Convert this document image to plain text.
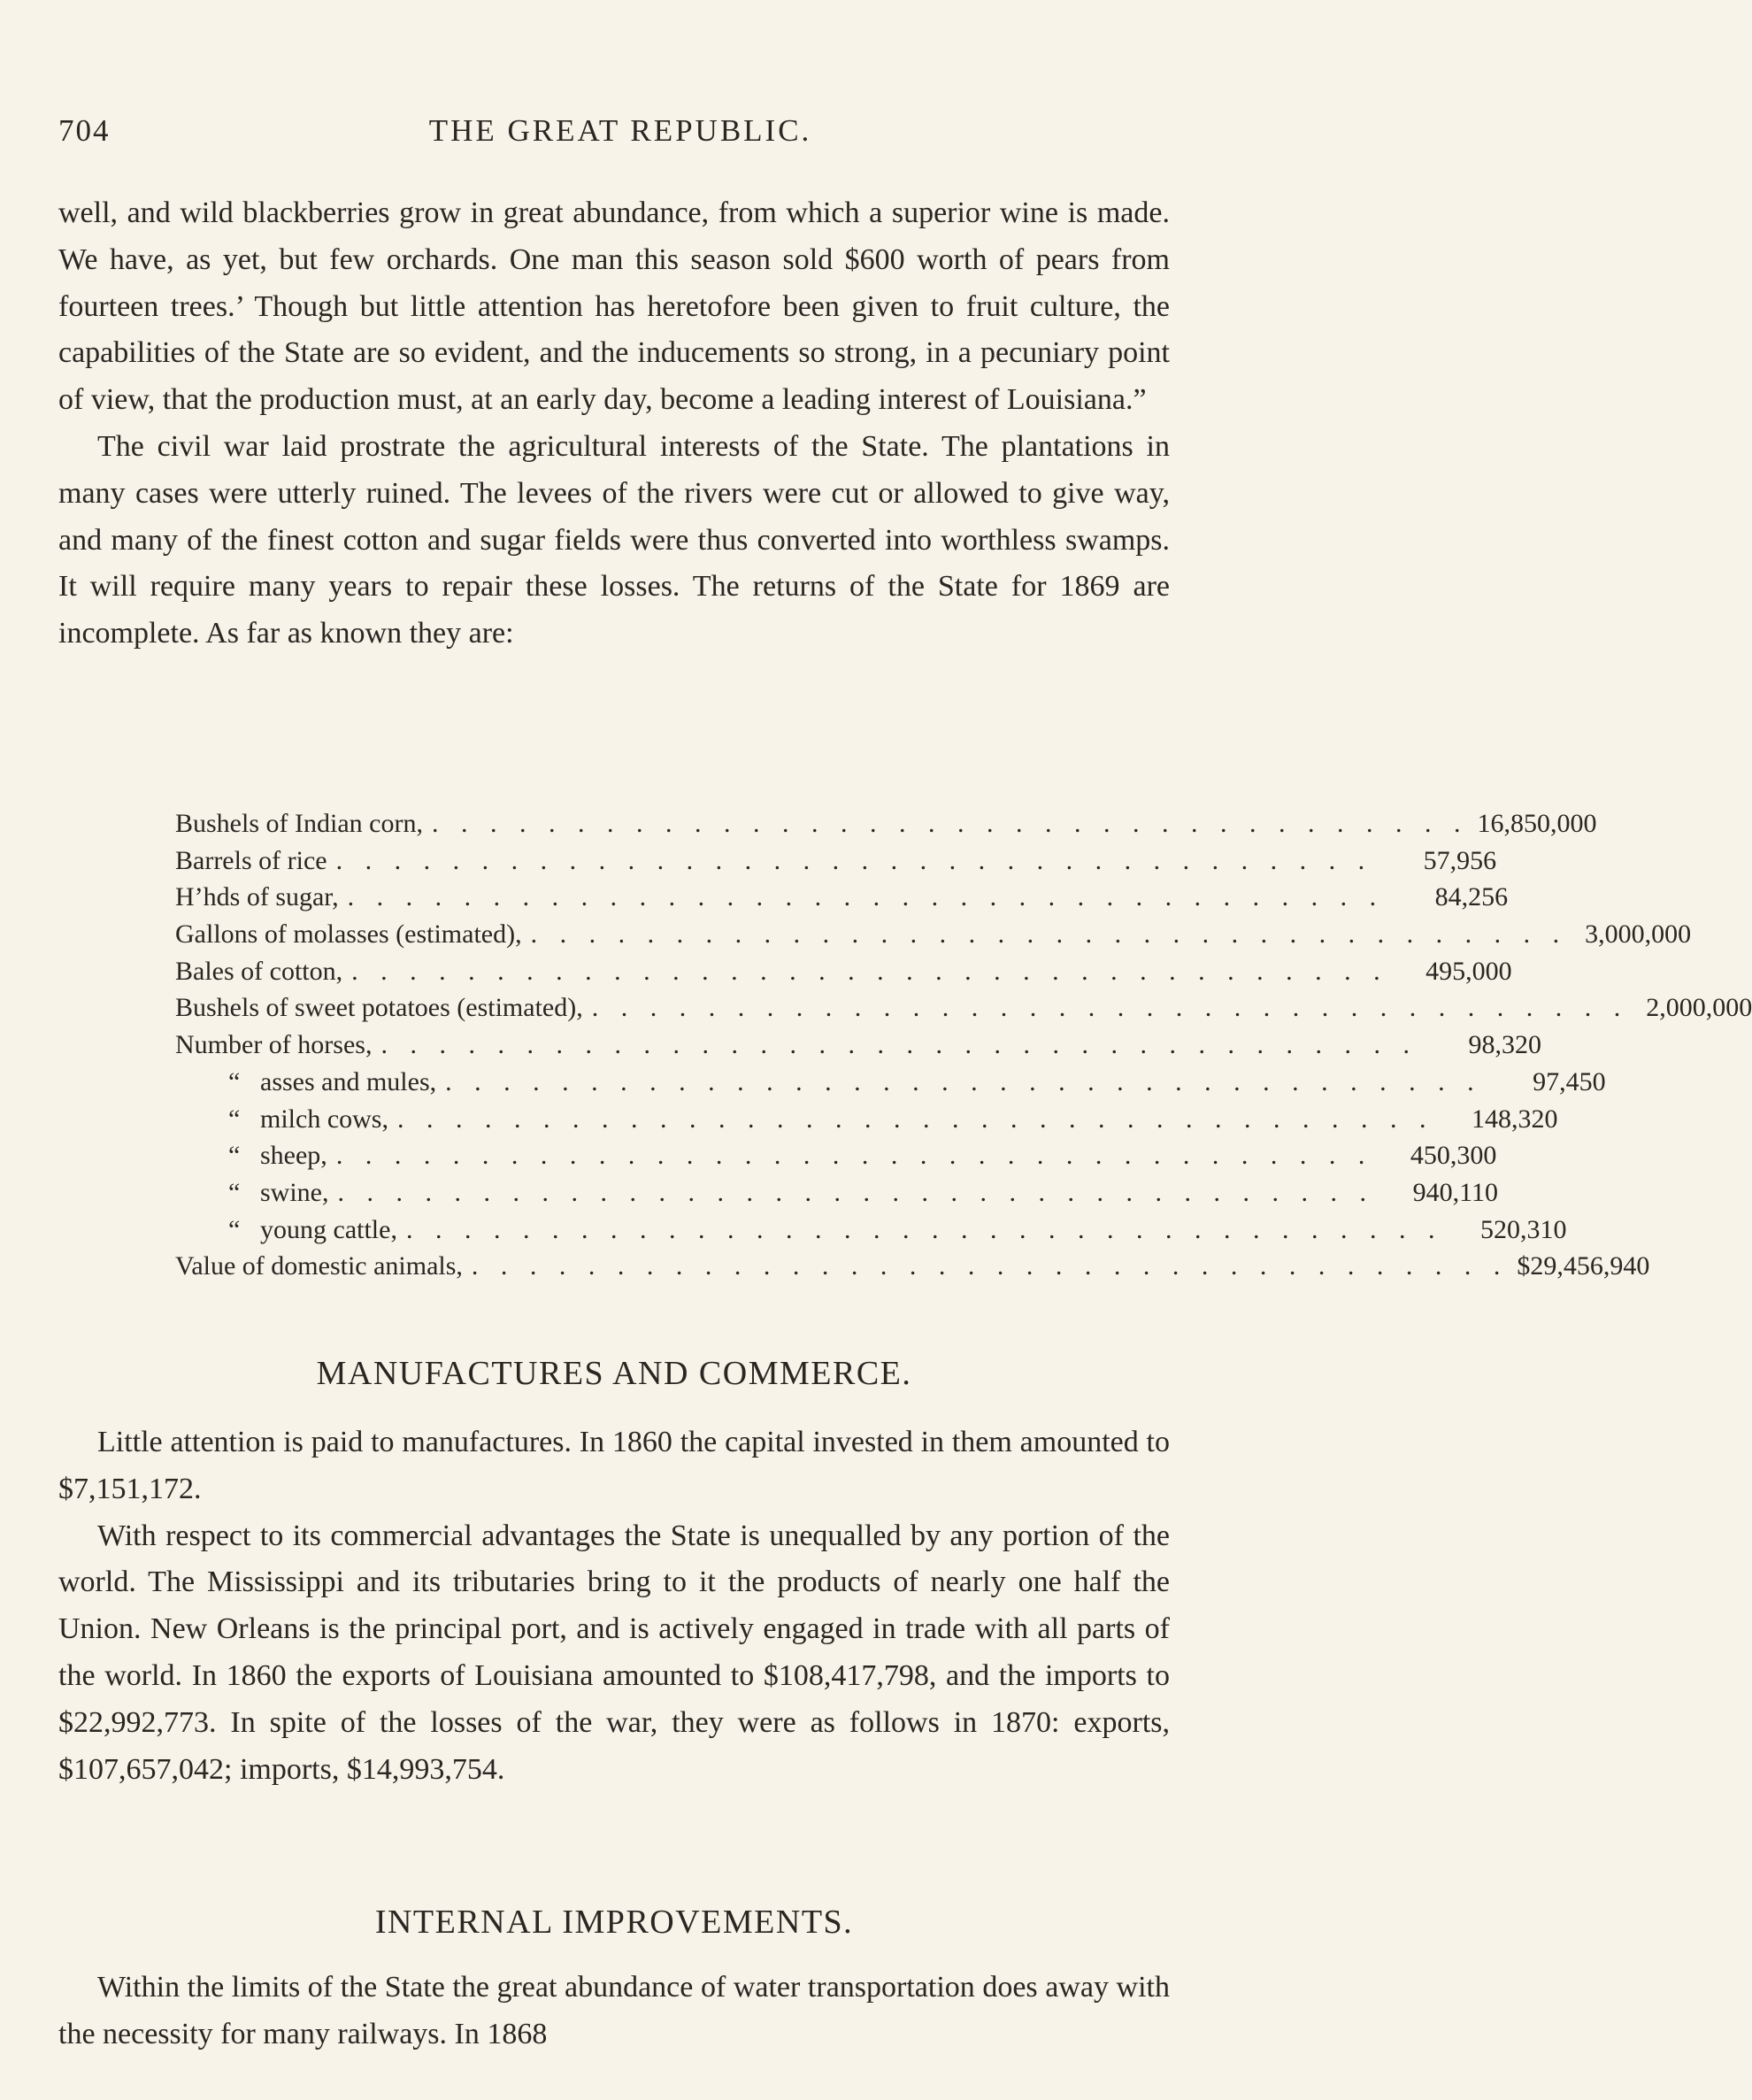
704	THE GREAT REPUBLIC.

well, and wild blackberries grow in great abundance, from which a superior wine is made. We have, as yet, but few orchards. One man this season sold $600 worth of pears from fourteen trees.’ Though but little attention has heretofore been given to fruit culture, the capabilities of the State are so evident, and the inducements so strong, in a pecuniary point of view, that the production must, at an early day, become a leading interest of Louisiana.”

The civil war laid prostrate the agricultural interests of the State. The plantations in many cases were utterly ruined. The levees of the rivers were cut or allowed to give way, and many of the finest cotton and sugar fields were thus converted into worthless swamps. It will require many years to repair these losses. The returns of the State for 1869 are incomplete. As far as known they are:

Bushels of Indian corn, . . . . . . . . . . . . . . . . . . . . . . . . . . . . . . . . . . . . 16,850,000
Barrels of rice . . . . . . . . . . . . . . . . . . . . . . . . . . . . . . . . . . . .	57,956
H’hds of sugar, . . . . . . . . . . . . . . . . . . . . . . . . . . . . . . . . . . . .	84,256
Gallons of molasses (estimated), . . . . . . . . . . . . . . . . . . . . . . . . . . . . . . . . . . . . 3,000,000
Bales of cotton, . . . . . . . . . . . . . . . . . . . . . . . . . . . . . . . . . . . .	495,000
Bushels of sweet potatoes (estimated), . . . . . . . . . . . . . . . . . . . . . . . . . . . . . . . . . . . . 2,000,000
Number of horses, . . . . . . . . . . . . . . . . . . . . . . . . . . . . . . . . . . . .	98,320
“ asses and mules, . . . . . . . . . . . . . . . . . . . . . . . . . . . . . . . . . . . .	97,450
“ milch cows, . . . . . . . . . . . . . . . . . . . . . . . . . . . . . . . . . . . .	148,320
“ sheep, . . . . . . . . . . . . . . . . . . . . . . . . . . . . . . . . . . . .	450,300
“ swine, . . . . . . . . . . . . . . . . . . . . . . . . . . . . . . . . . . . .	940,110
“ young cattle, . . . . . . . . . . . . . . . . . . . . . . . . . . . . . . . . . . . .	520,310
Value of domestic animals, . . . . . . . . . . . . . . . . . . . . . . . . . . . . . . . . . . . . $29,456,940
MANUFACTURES AND COMMERCE.

Little attention is paid to manufactures. In 1860 the capital invested in them amounted to $7,151,172.

With respect to its commercial advantages the State is unequalled by any portion of the world. The Mississippi and its tributaries bring to it the products of nearly one half the Union. New Orleans is the principal port, and is actively engaged in trade with all parts of the world. In 1860 the exports of Louisiana amounted to $108,417,798, and the imports to $22,992,773. In spite of the losses of the war, they were as follows in 1870: exports, $107,657,042; imports, $14,993,754.

INTERNAL IMPROVEMENTS.

Within the limits of the State the great abundance of water transportation does away with the necessity for many railways. In 1868
